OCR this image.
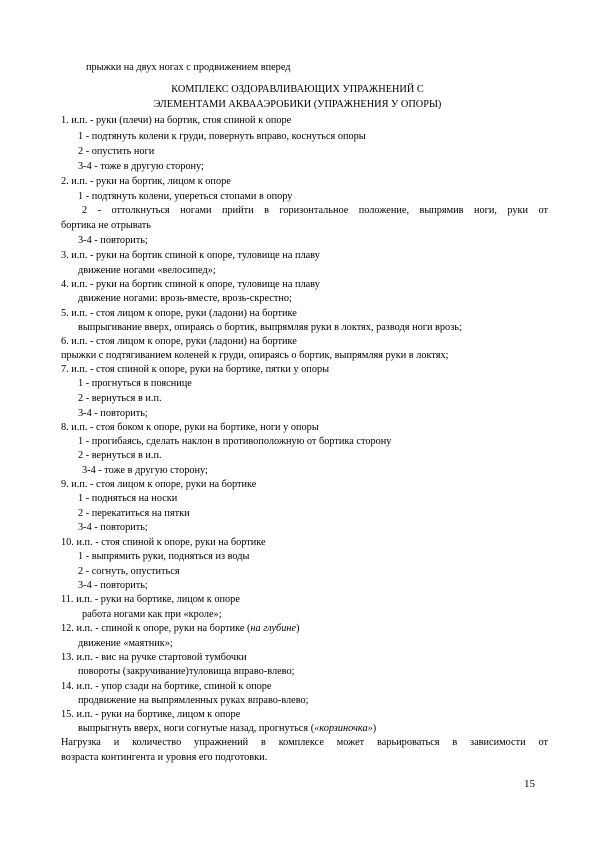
прыжки на двух ногах с продвижением вперед
КОМПЛЕКС ОЗДОРАВЛИВАЮЩИХ УПРАЖНЕНИЙ С
ЭЛЕМЕНТАМИ АКВААЭРОБИКИ (УПРАЖНЕНИЯ У ОПОРЫ)
1. и.п. - руки (плечи) на бортик, стоя спиной к опоре
1 - подтянуть колени к груди, повернуть вправо, коснуться опоры
2 - опустить ноги
3-4 - тоже в другую сторону;
2. и.п. - руки на бортик, лицом к опоре
1 - подтянуть колени, упереться стопами в опору
2 - оттолкнуться ногами прийти в горизонтальное положение, выпрямив ноги, руки от
бортика не отрывать
3-4 - повторить;
3. и.п. - руки на бортик спиной к опоре, туловище на плаву
движение ногами «велосипед»;
4. и.п. - руки на бортик спиной к опоре, туловище на плаву
движение ногами: врозь-вместе, врозь-скрестно;
5. и.п. - стоя лицом к опоре, руки (ладони) на бортике
выпрыгивание вверх, опираясь о бортик, выпрямляя руки в локтях, разводя ноги врозь;
6. и.п. - стоя лицом к опоре, руки (ладони) на бортике
прыжки с подтягиванием коленей к груди, опираясь о бортик, выпрямляя руки в локтях;
7. и.п. - стоя спиной к опоре, руки на бортике, пятки у опоры
1 - прогнуться в пояснице
2 - вернуться в и.п.
3-4 - повторить;
8. и.п. - стоя боком к опоре, руки на бортике, ноги у опоры
1 - прогибаясь, сделать наклон в противоположную от бортика сторону
2 - вернуться в и.п.
3-4 - тоже в другую сторону;
9. и.п. - стоя лицом к опоре, руки на бортике
1 - подняться на носки
2 - перекатиться на пятки
3-4 - повторить;
10. и.п. - стоя спиной к опоре, руки на бортике
1 - выпрямить руки, подняться из воды
2 - согнуть, опуститься
3-4 - повторить;
11. и.п. - руки на бортике, лицом к опоре
работа ногами как при «кроле»;
12. и.п. - спиной к опоре, руки на бортике (на глубине)
движение «маятник»;
13. и.п. - вис на ручке стартовой тумбочки
повороты (закручивание)туловища вправо-влево;
14. и.п. - упор сзади на бортике, спиной к опоре
продвижение на выпрямленных руках вправо-влево;
15. и.п. - руки на бортике, лицом к опоре
выпрыгнуть вверх, ноги согнутые назад, прогнуться («корзиночка»)
Нагрузка и количество упражнений в комплексе может варьироваться в зависимости от
возраста контингента и уровня его подготовки.
15
